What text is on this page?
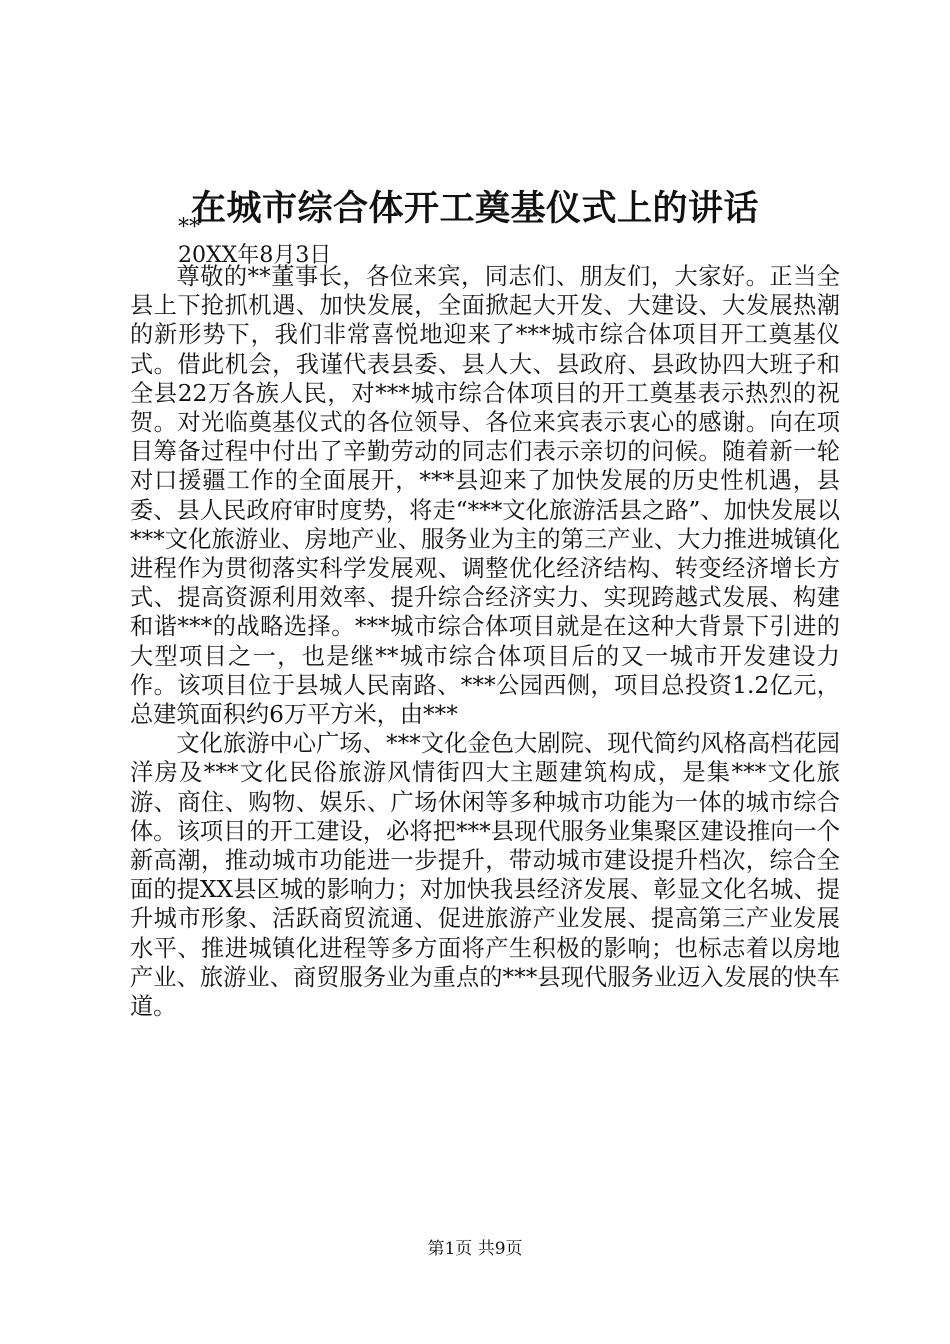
在城市综合体开工奠基仪式上的讲话
**
20XX年8月3日

尊敬的**董事长，各位来宾，同志们、朋友们，大家好。正当全县上下抢抓机遇、加快发展，全面掀起大开发、大建设、大发展热潮的新形势下，我们非常喜悦地迎来了***城市综合体项目开工奠基仪式。借此机会，我谨代表县委、县人大、县政府、县政协四大班子和全县22万各族人民，对***城市综合体项目的开工奠基表示热烈的祝贺。对光临奠基仪式的各位领导、各位来宾表示衷心的感谢。向在项目筹备过程中付出了辛勤劳动的同志们表示亲切的问候。随着新一轮对口援疆工作的全面展开，***县迎来了加快发展的历史性机遇，县委、县人民政府审时度势，将走“***文化旅游活县之路”、加快发展以***文化旅游业、房地产业、服务业为主的第三产业、大力推进城镇化进程作为贯彻落实科学发展观、调整优化经济结构、转变经济增长方式、提高资源利用效率、提升综合经济实力、实现跨越式发展、构建和谐***的战略选择。***城市综合体项目就是在这种大背景下引进的大型项目之一，也是继**城市综合体项目后的又一城市开发建设力作。该项目位于县城人民南路、***公园西侧，项目总投资1.2亿元，总建筑面积约6万平方米，由***

文化旅游中心广场、***文化金色大剧院、现代简约风格高档花园洋房及***文化民俗旅游风情街四大主题建筑构成，是集***文化旅游、商住、购物、娱乐、广场休闲等多种城市功能为一体的城市综合体。该项目的开工建设，必将把***县现代服务业集聚区建设推向一个新高潮，推动城市功能进一步提升，带动城市建设提升档次，综合全面的提XX县区城的影响力；对加快我县经济发展、彰显文化名城、提升城市形象、活跃商贸流通、促进旅游产业发展、提高第三产业发展水平、推进城镇化进程等多方面将产生积极的影响；也标志着以房地产业、旅游业、商贸服务业为重点的***县现代服务业迈入发展的快车道。

第1页 共9页
